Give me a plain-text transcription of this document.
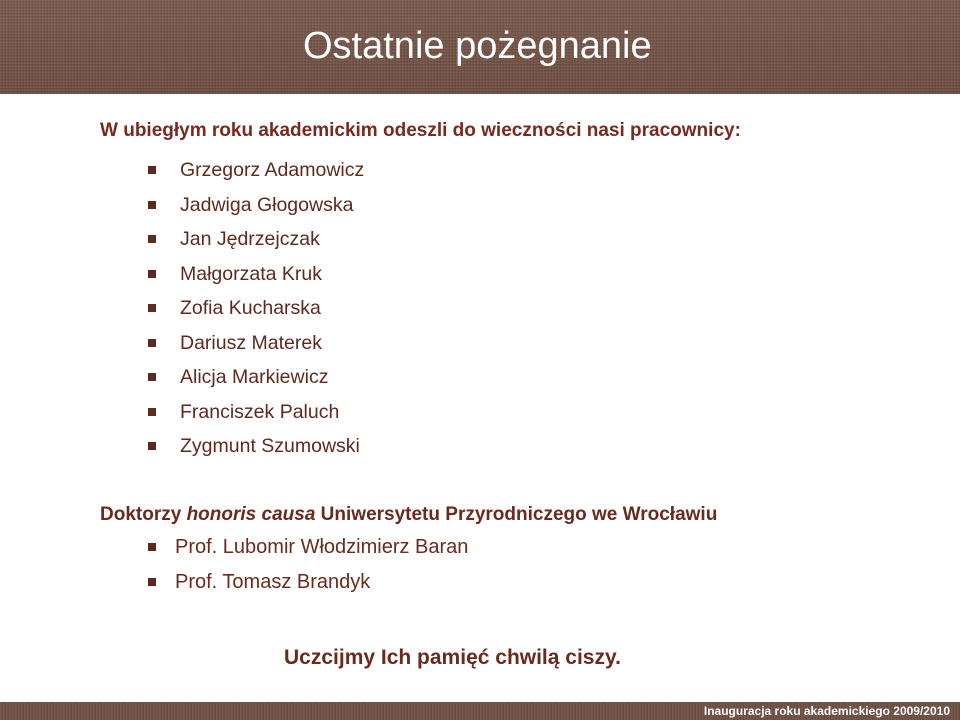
Ostatnie pożegnanie
W ubiegłym roku akademickim odeszli do wieczności nasi pracownicy:
Grzegorz Adamowicz
Jadwiga Głogowska
Jan Jędrzejczak
Małgorzata Kruk
Zofia Kucharska
Dariusz Materek
Alicja Markiewicz
Franciszek Paluch
Zygmunt Szumowski
Doktorzy honoris causa Uniwersytetu Przyrodniczego we Wrocławiu
Prof. Lubomir Włodzimierz Baran
Prof. Tomasz Brandyk
Uczcijmy Ich pamięć chwilą ciszy.
Inauguracja roku akademickiego 2009/2010
